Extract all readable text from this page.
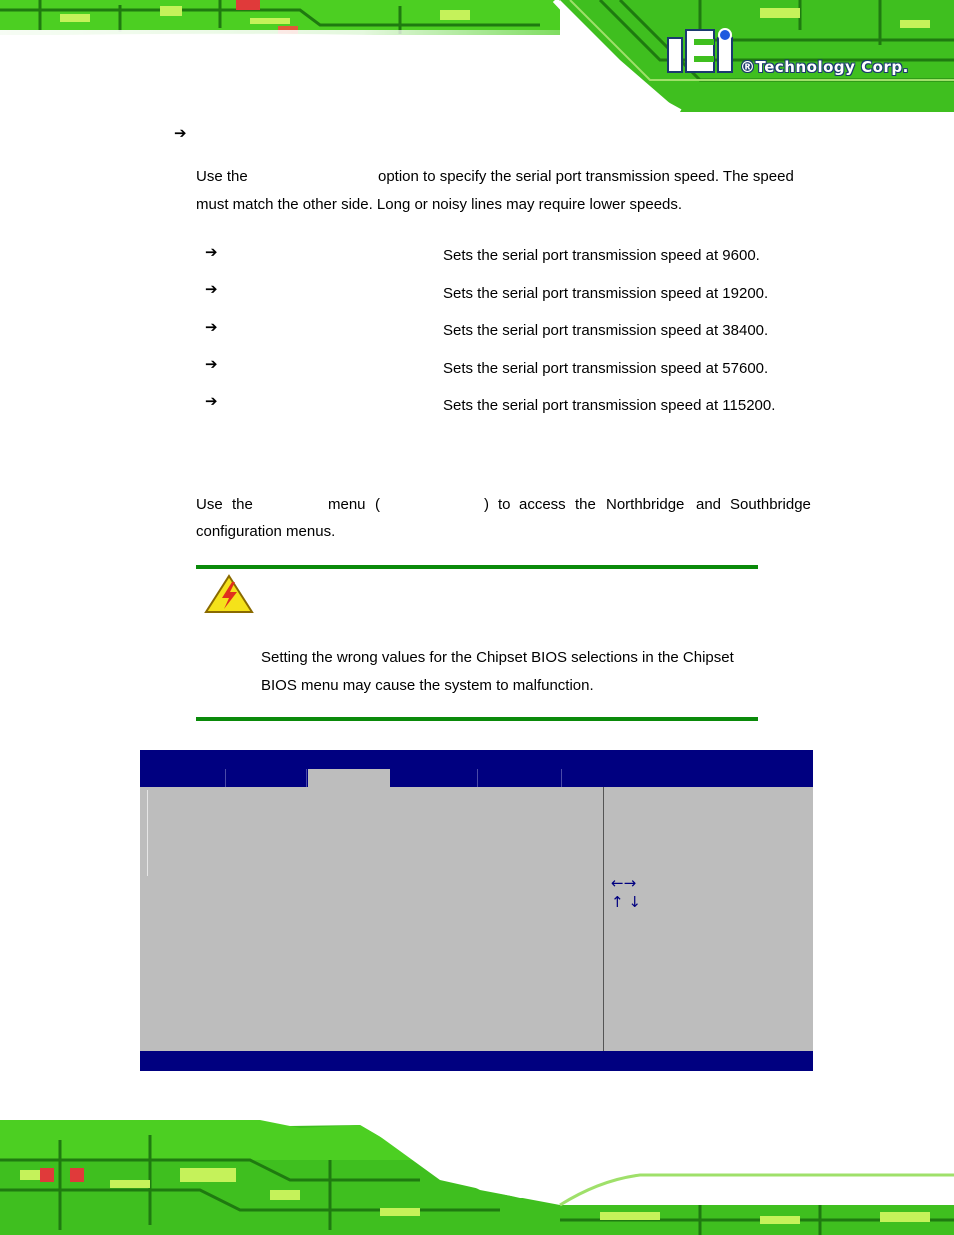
®Technology Corp.
➔
Use the	option to specify the serial port transmission speed. The speed
must match the other side. Long or noisy lines may require lower speeds.
➔	Sets the serial port transmission speed at 9600.
➔	Sets the serial port transmission speed at 19200.
➔	Sets the serial port transmission speed at 38400.
➔	Sets the serial port transmission speed at 57600.
➔	Sets the serial port transmission speed at 115200.
Use the	menu (	) to access the Northbridge and Southbridge
configuration menus.
Setting the wrong values for the Chipset BIOS selections in the Chipset
BIOS menu may cause the system to malfunction.
←→
↑ ↓
